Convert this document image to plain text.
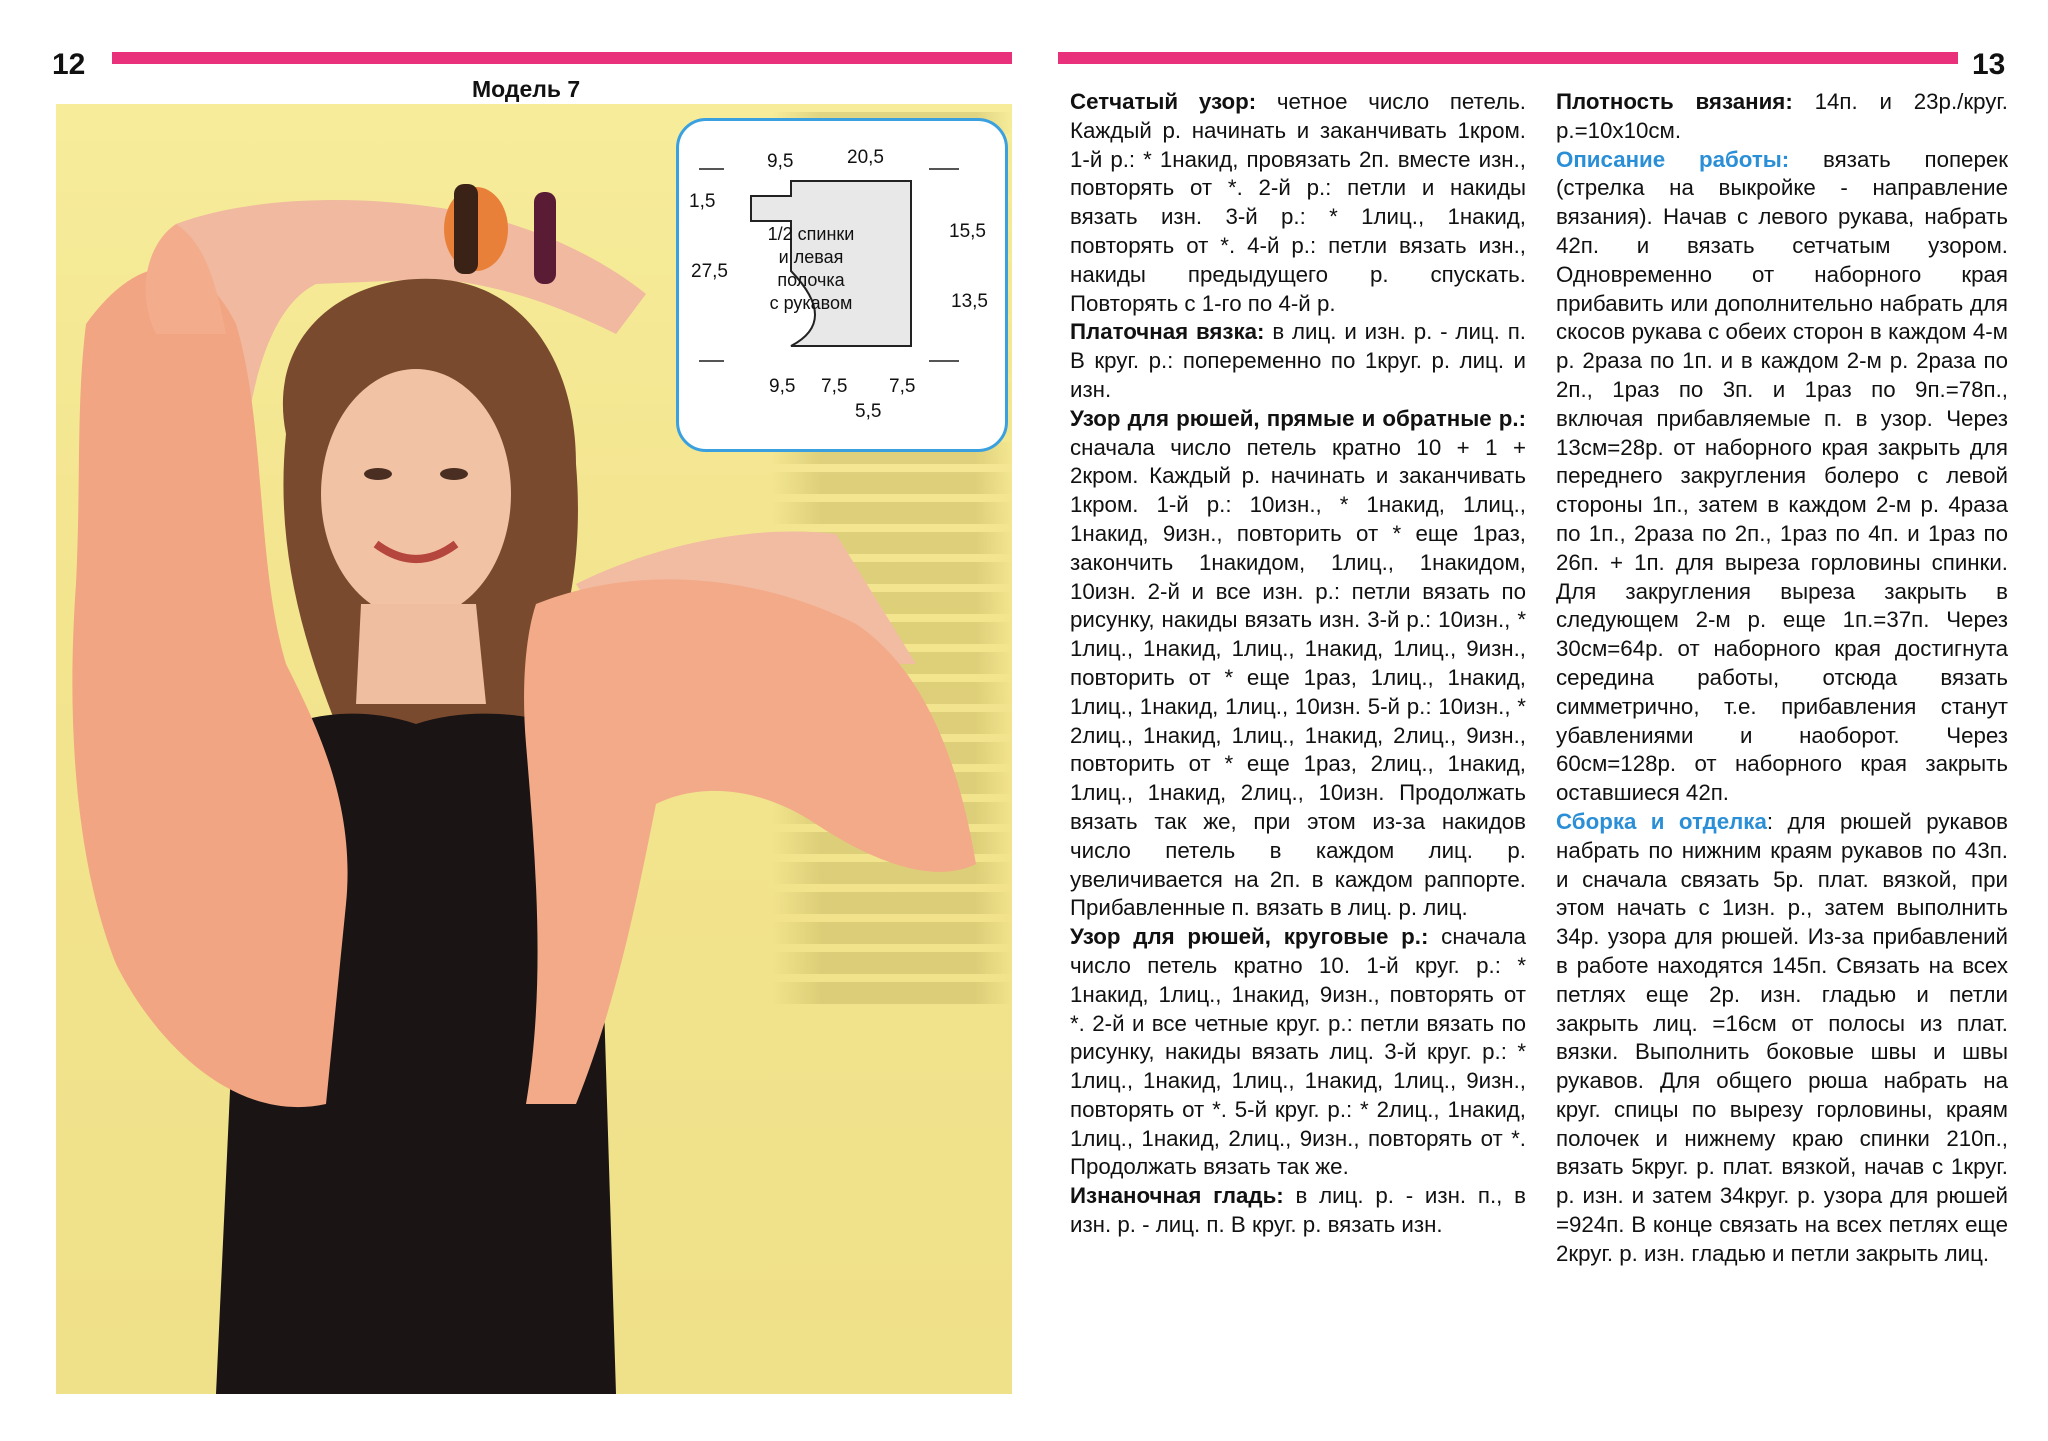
12
Модель 7
9,5	20,5
1,5
27,5
15,5
13,5
9,5 7,5 7,5
5,5
1/2 спинки
и левая
полочка
с рукавом
13

Сетчатый узор: четное число петель. Каждый р. начинать и заканчивать 1кром. 1-й р.: * 1накид, провязать 2п. вместе изн., повторять от *. 2-й р.: петли и накиды вязать изн. 3-й р.: * 1лиц., 1накид, повторять от *. 4-й р.: петли вязать изн., накиды предыдущего р. спускать. Повторять с 1-го по 4-й р.

Платочная вязка: в лиц. и изн. р. - лиц. п. В круг. р.: попеременно по 1круг. р. лиц. и изн.

Узор для рюшей, прямые и обратные р.: сначала число петель кратно 10 + 1 + 2кром. Каждый р. начинать и заканчивать 1кром. 1-й р.: 10изн., * 1накид, 1лиц., 1накид, 9изн., повторить от * еще 1раз, закончить 1накидом, 1лиц., 1накидом, 10изн. 2-й и все изн. р.: петли вязать по рисунку, накиды вязать изн. 3-й р.: 10изн., * 1лиц., 1накид, 1лиц., 1накид, 1лиц., 9изн., повторить от * еще 1раз, 1лиц., 1накид, 1лиц., 1накид, 1лиц., 10изн. 5-й р.: 10изн., * 2лиц., 1накид, 1лиц., 1накид, 2лиц., 9изн., повторить от * еще 1раз, 2лиц., 1накид, 1лиц., 1накид, 2лиц., 10изн. Продолжать вязать так же, при этом из-за накидов число петель в каждом лиц. р. увеличивается на 2п. в каждом раппорте. Прибавленные п. вязать в лиц. р. лиц.

Узор для рюшей, круговые р.: сначала число петель кратно 10. 1-й круг. р.: * 1накид, 1лиц., 1накид, 9изн., повторять от *. 2-й и все четные круг. р.: петли вязать по рисунку, накиды вязать лиц. 3-й круг. р.: * 1лиц., 1накид, 1лиц., 1накид, 1лиц., 9изн., повторять от *. 5-й круг. р.: * 2лиц., 1накид, 1лиц., 1накид, 2лиц., 9изн., повторять от *. Продолжать вязать так же.

Изнаночная гладь: в лиц. р. - изн. п., в изн. р. - лиц. п. В круг. р. вязать изн.

Плотность вязания: 14п. и 23р./круг. р.=10х10см.

Описание работы: вязать поперек (стрелка на выкройке - направление вязания). Начав с левого рукава, набрать 42п. и вязать сетчатым узором. Одновременно от наборного края прибавить или дополнительно набрать для скосов рукава с обеих сторон в каждом 4-м р. 2раза по 1п. и в каждом 2-м р. 2раза по 2п., 1раз по 3п. и 1раз по 9п.=78п., включая прибавляемые п. в узор. Через 13см=28р. от наборного края закрыть для переднего закругления болеро с левой стороны 1п., затем в каждом 2-м р. 4раза по 1п., 2раза по 2п., 1раз по 4п. и 1раз по 26п. + 1п. для выреза горловины спинки. Для закругления выреза закрыть в следующем 2-м р. еще 1п.=37п. Через 30см=64р. от наборного края достигнута середина работы, отсюда вязать симметрично, т.е. прибавления станут убавлениями и наоборот. Через 60см=128р. от наборного края закрыть оставшиеся 42п.

Сборка и отделка: для рюшей рукавов набрать по нижним краям рукавов по 43п. и сначала связать 5р. плат. вязкой, при этом начать с 1изн. р., затем выполнить 34р. узора для рюшей. Из-за прибавлений в работе находятся 145п. Связать на всех петлях еще 2р. изн. гладью и петли закрыть лиц. =16см от полосы из плат. вязки. Выполнить боковые швы и швы рукавов. Для общего рюша набрать на круг. спицы по вырезу горловины, краям полочек и нижнему краю спинки 210п., вязать 5круг. р. плат. вязкой, начав с 1круг. р. изн. и затем 34круг. р. узора для рюшей =924п. В конце связать на всех петлях еще 2круг. р. изн. гладью и петли закрыть лиц.
